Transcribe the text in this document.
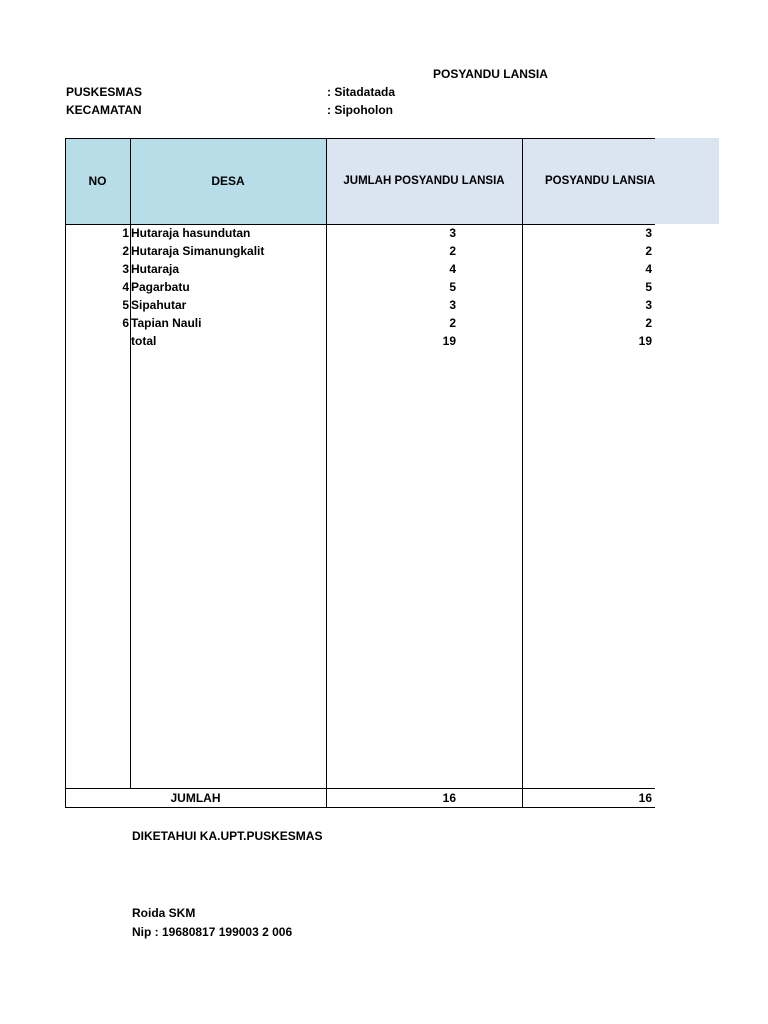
POSYANDU LANSIA
PUSKESMAS	: Sitadatada
KECAMATAN	: Sipoholon
NO	DESA	JUMLAH POSYANDU LANSIA	POSYANDU LANSIA
1 Hutaraja hasundutan	3	3
2 Hutaraja Simanungkalit	2	2
3 Hutaraja	4	4
4 Pagarbatu	5	5
5 Sipahutar	3	3
6 Tapian Nauli	2	2
total	19	19
JUMLAH	16	16
DIKETAHUI KA.UPT.PUSKESMAS
Roida SKM
Nip : 19680817 199003 2 006
